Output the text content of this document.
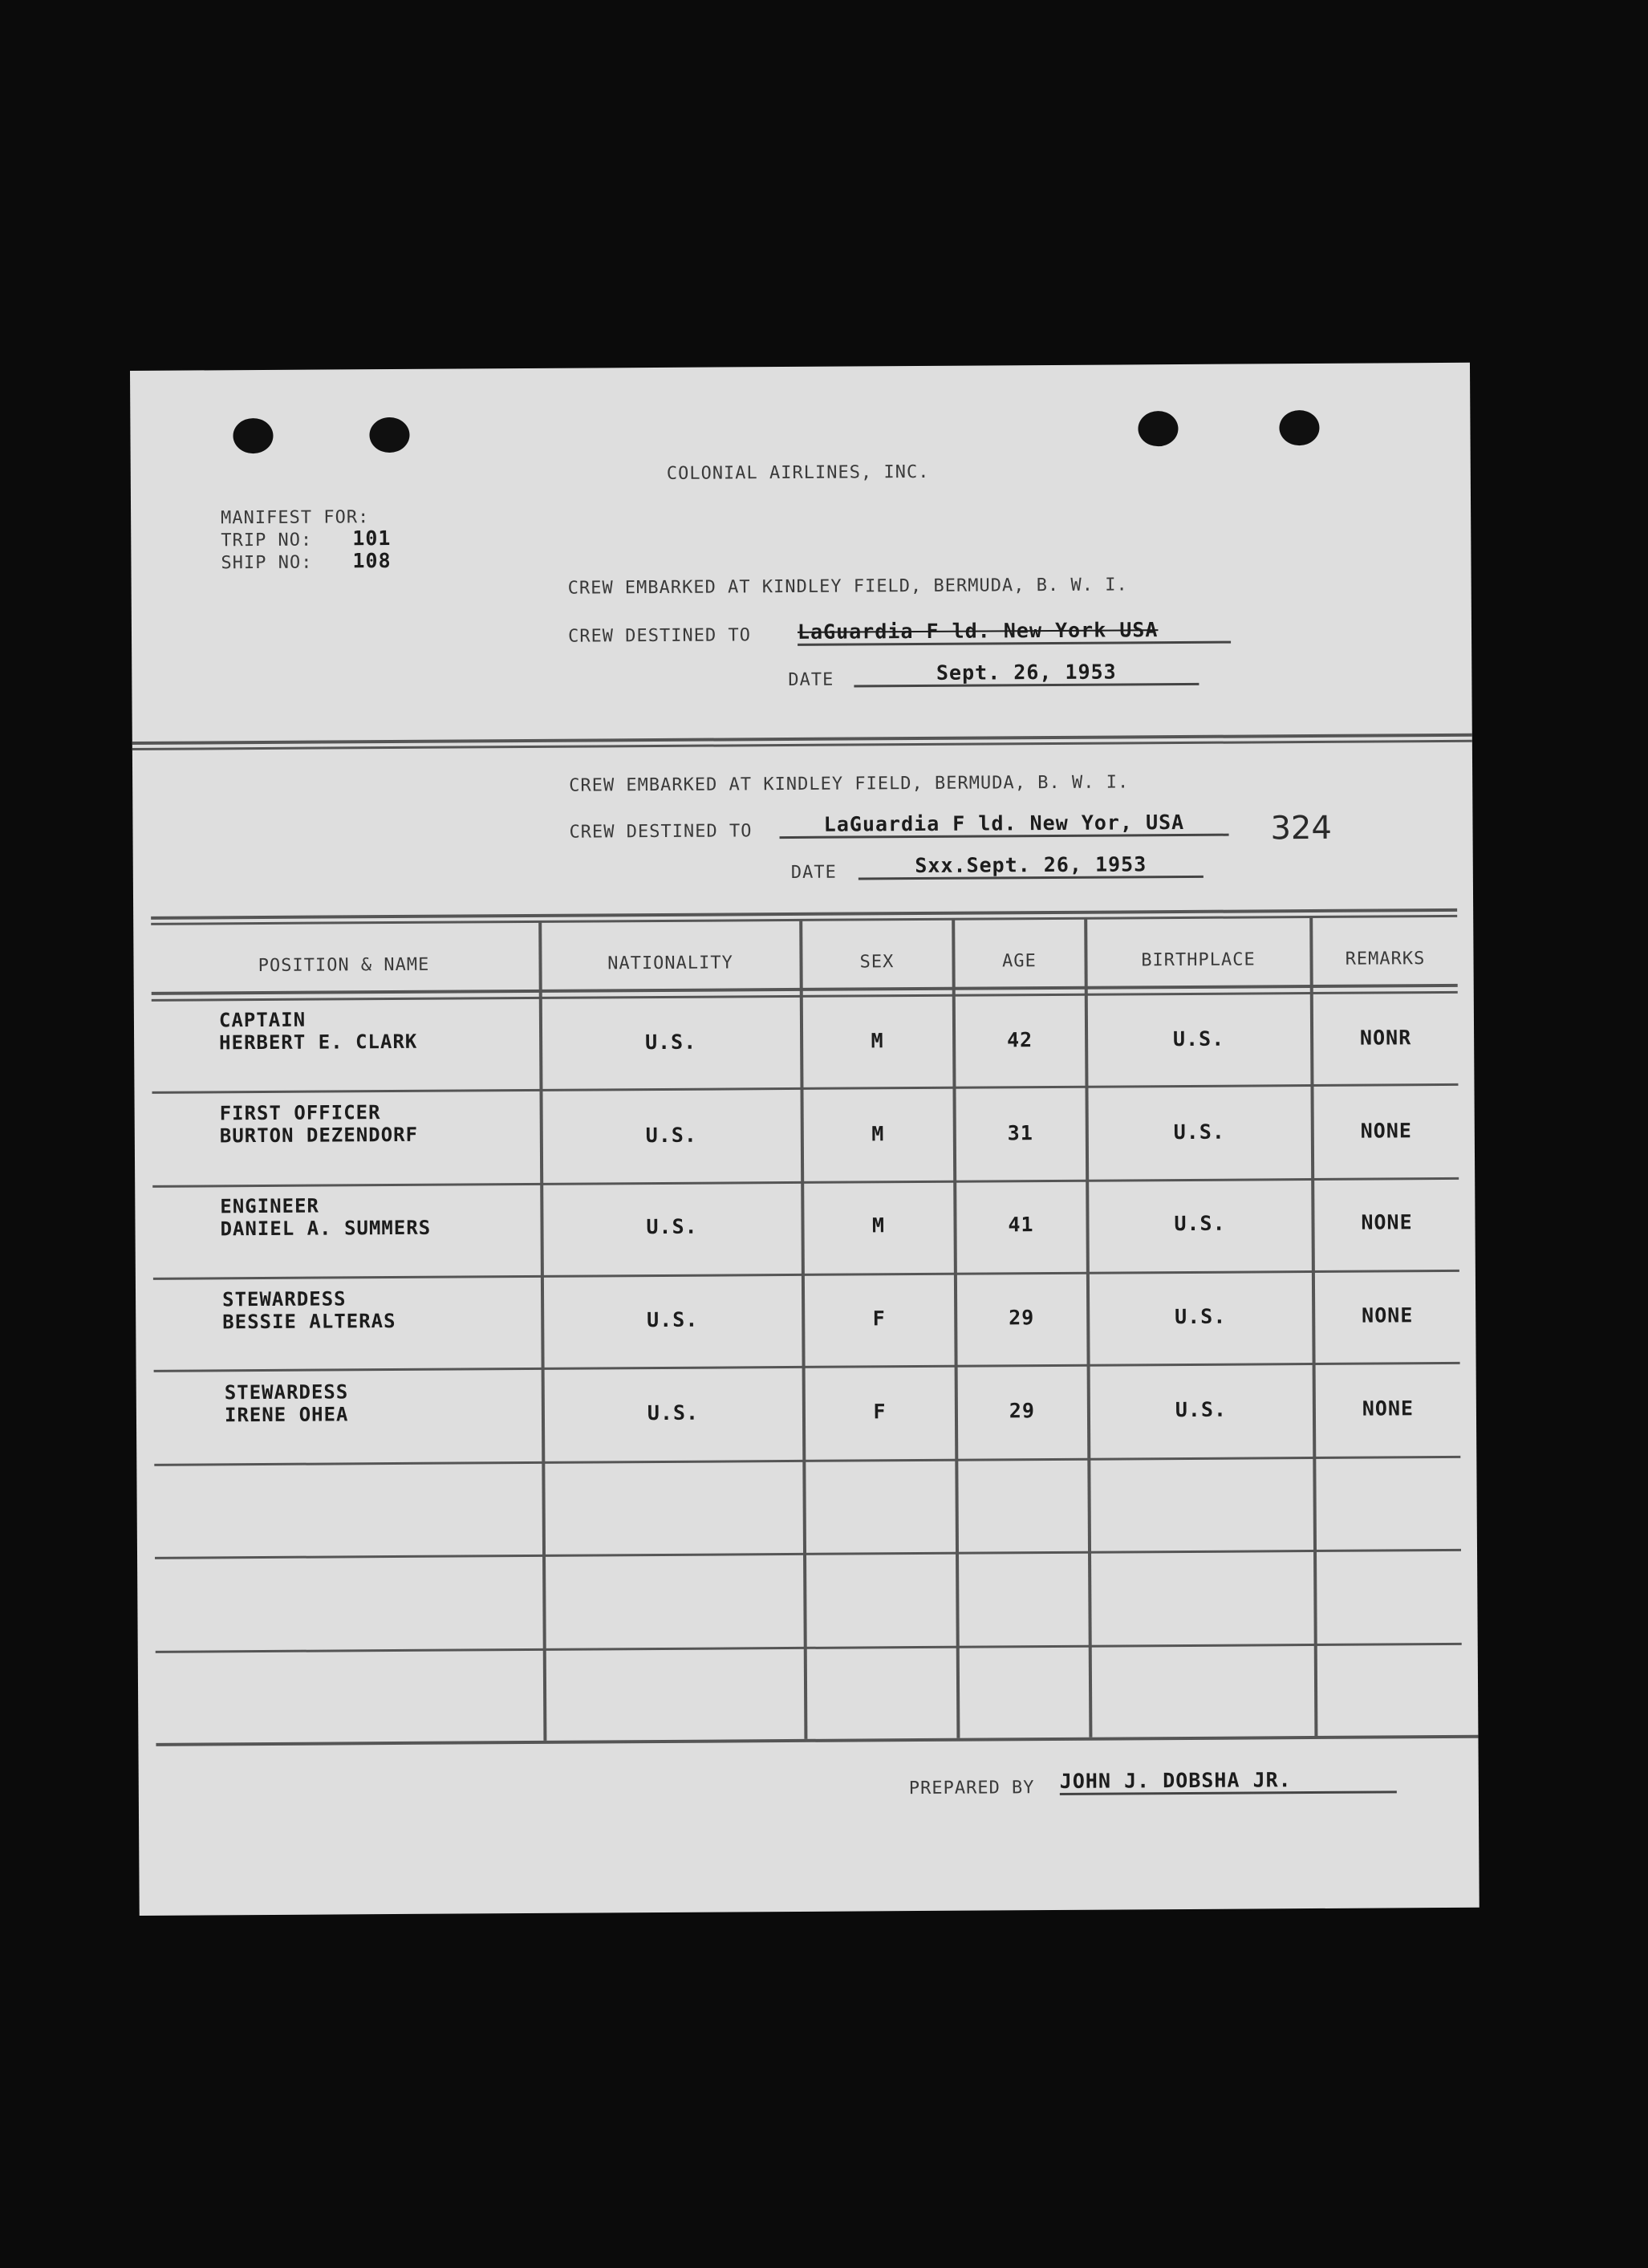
COLONIAL AIRLINES, INC.
MANIFEST FOR:
TRIP NO: 101
SHIP NO: 108
CREW EMBARKED AT KINDLEY FIELD, BERMUDA, B. W. I.
CREW DESTINED TO LaGuardia F ld. New York USA
DATE	Sept. 26, 1953
CREW EMBARKED AT KINDLEY FIELD, BERMUDA, B. W. I.
CREW DESTINED TO	LaGuardia F ld. New Yor, USA	324
DATE	Sxx.Sept. 26, 1953
POSITION & NAME	NATIONALITY	SEX	AGE	BIRTHPLACE	REMARKS
CAPTAIN
HERBERT E. CLARK	U.S.	M	42	U.S.	NONR
FIRST OFFICER
BURTON DEZENDORF	U.S.	M	31	U.S.	NONE
ENGINEER
DANIEL A. SUMMERS	U.S.	M	41	U.S.	NONE
STEWARDESS
BESSIE ALTERAS	U.S.	F	29	U.S.	NONE
STEWARDESS
IRENE OHEA	U.S.	F	29	U.S.	NONE
PREPARED BY JOHN J. DOBSHA JR.
